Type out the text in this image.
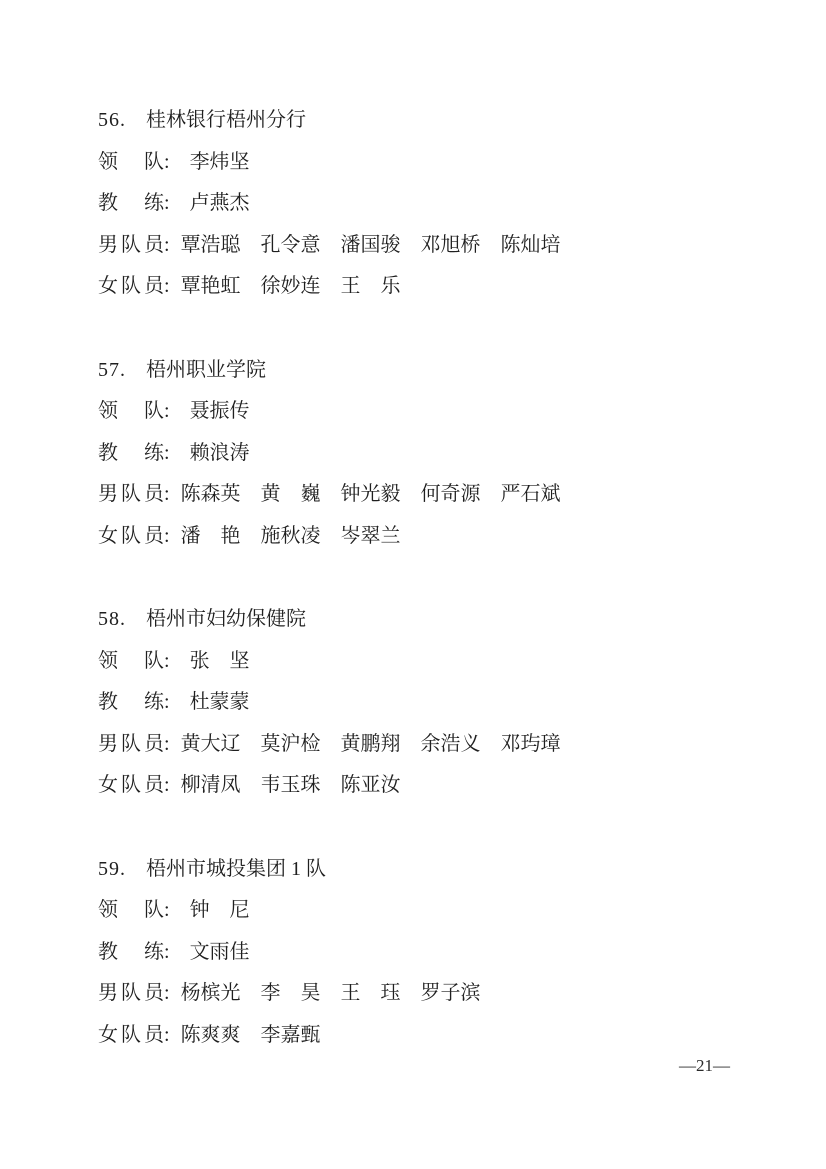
56. 桂林银行梧州分行
领队: 李炜坚
教练: 卢燕杰
男队员: 覃浩聪　孔令意　潘国骏　邓旭桥　陈灿培
女队员: 覃艳虹　徐妙连　王　乐
57. 梧州职业学院
领队: 聂振传
教练: 赖浪涛
男队员: 陈森英　黄　巍　钟光毅　何奇源　严石斌
女队员: 潘　艳　施秋凌　岑翠兰
58. 梧州市妇幼保健院
领队: 张　坚
教练: 杜蒙蒙
男队员: 黄大辽　莫沪检　黄鹏翔　余浩义　邓玙璋
女队员: 柳清凤　韦玉珠　陈亚汝
59. 梧州市城投集团 1 队
领队: 钟　尼
教练: 文雨佳
男队员: 杨槟光　李　昊　王　珏　罗子滨
女队员: 陈爽爽　李嘉甄
—21—
